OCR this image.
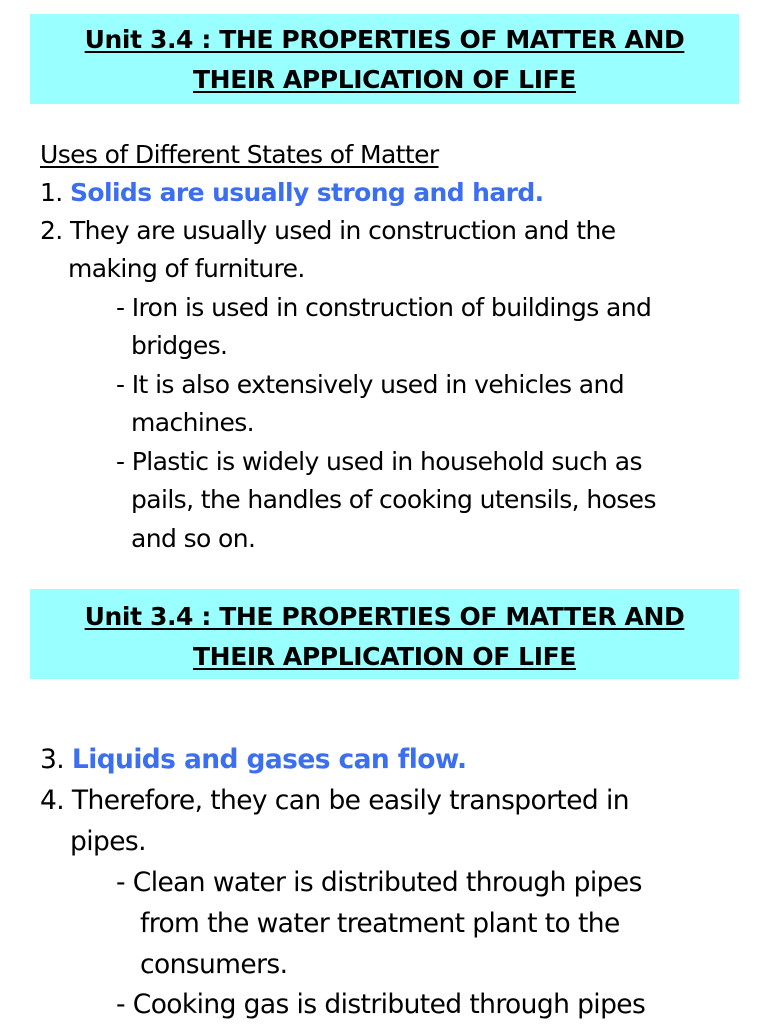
Unit 3.4 : THE PROPERTIES OF MATTER AND
THEIR APPLICATION OF LIFE
Uses of Different States of Matter
1. Solids are usually strong and hard.
2. They are usually used in construction and the
making of furniture.
- Iron is used in construction of buildings and
bridges.
- It is also extensively used in vehicles and
machines.
- Plastic is widely used in household such as
pails, the handles of cooking utensils, hoses
and so on.
Unit 3.4 : THE PROPERTIES OF MATTER AND
THEIR APPLICATION OF LIFE
3. Liquids and gases can flow.
4. Therefore, they can be easily transported in
pipes.
- Clean water is distributed through pipes
from the water treatment plant to the
consumers.
- Cooking gas is distributed through pipes
